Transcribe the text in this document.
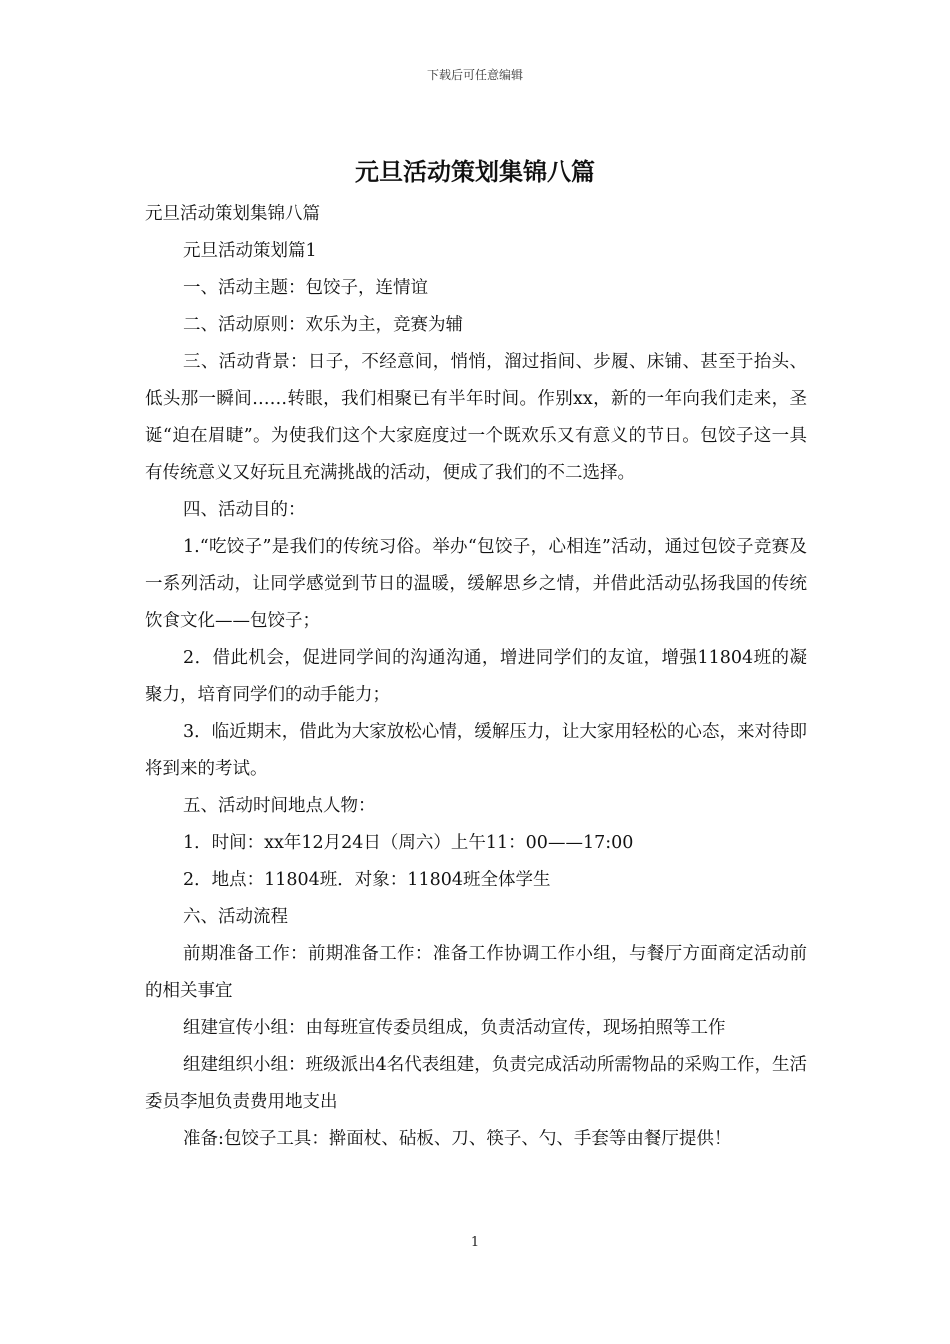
下载后可任意编辑
元旦活动策划集锦八篇

元旦活动策划集锦八篇

元旦活动策划篇1

一、活动主题：包饺子，连情谊

二、活动原则：欢乐为主，竞赛为辅

三、活动背景：日子，不经意间，悄悄，溜过指间、步履、床铺、甚至于抬头、低头那一瞬间……转眼，我们相聚已有半年时间。作别xx，新的一年向我们走来，圣诞“迫在眉睫”。为使我们这个大家庭度过一个既欢乐又有意义的节日。包饺子这一具有传统意义又好玩且充满挑战的活动，便成了我们的不二选择。

四、活动目的：

1.“吃饺子”是我们的传统习俗。举办“包饺子，心相连”活动，通过包饺子竞赛及一系列活动，让同学感觉到节日的温暖，缓解思乡之情，并借此活动弘扬我国的传统饮食文化——包饺子；

2．借此机会，促进同学间的沟通沟通，增进同学们的友谊，增强11804班的凝聚力，培育同学们的动手能力；

3．临近期末，借此为大家放松心情，缓解压力，让大家用轻松的心态，来对待即将到来的考试。

五、活动时间地点人物：

1．时间：xx年12月24日（周六）上午11：00——17:00

2．地点：11804班．对象：11804班全体学生

六、活动流程

前期准备工作：前期准备工作：准备工作协调工作小组，与餐厅方面商定活动前的相关事宜

组建宣传小组：由每班宣传委员组成，负责活动宣传，现场拍照等工作

组建组织小组：班级派出4名代表组建，负责完成活动所需物品的采购工作，生活委员李旭负责费用地支出

准备:包饺子工具：擀面杖、砧板、刀、筷子、勺、手套等由餐厅提供！

1
